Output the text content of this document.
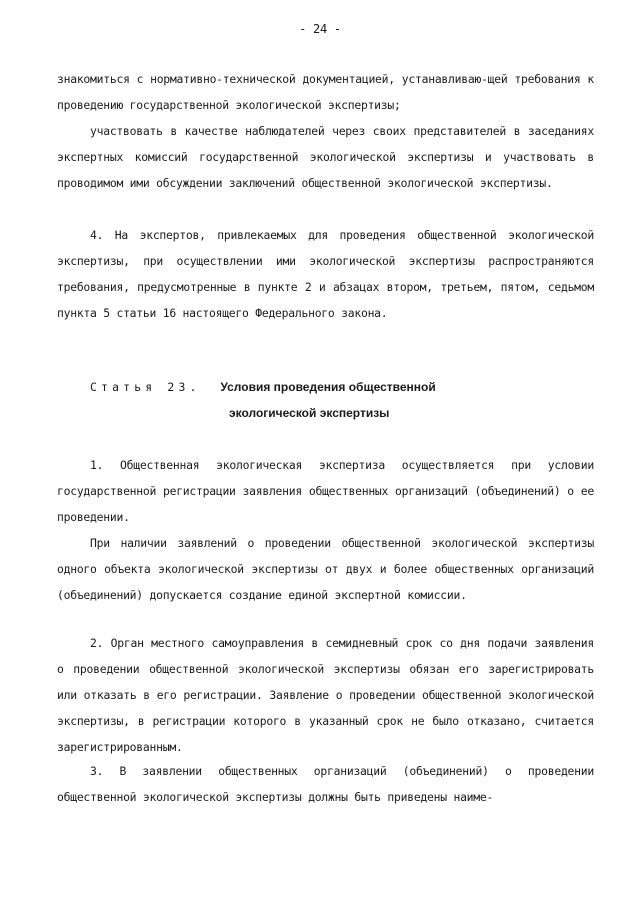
- 24 -

знакомиться с нормативно-технической документацией, устанавливаю-щей требования к проведению государственной экологической экспертизы;

участвовать в качестве наблюдателей через своих представителей в заседаниях экспертных комиссий государственной экологической экспертизы и участвовать в проводимом ими обсуждении заключений общественной экологической экспертизы.

4. На экспертов, привлекаемых для проведения общественной экологической экспертизы, при осуществлении ими экологической экспертизы распространяются требования, предусмотренные в пункте 2 и абзацах втором, третьем, пятом, седьмом пункта 5 статьи 16 настоящего Федерального закона.

Статья 23. Условия проведения общественной
экологической экспертизы

1. Общественная экологическая экспертиза осуществляется при условии государственной регистрации заявления общественных организаций (объединений) о ее проведении.

При наличии заявлений о проведении общественной экологической экспертизы одного объекта экологической экспертизы от двух и более общественных организаций (объединений) допускается создание единой экспертной комиссии.

2. Орган местного самоуправления в семидневный срок со дня подачи заявления о проведении общественной экологической экспертизы обязан его зарегистрировать или отказать в его регистрации. Заявление о проведении общественной экологической экспертизы, в регистрации которого в указанный срок не было отказано, считается зарегистрированным.

3. В заявлении общественных организаций (объединений) о проведении общественной экологической экспертизы должны быть приведены наиме-
